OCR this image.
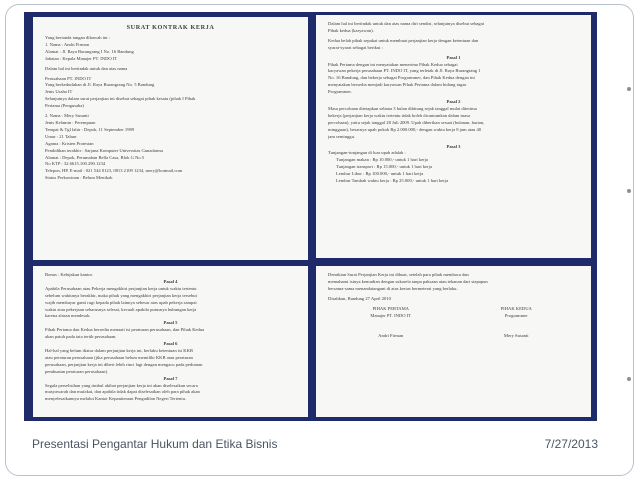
SURAT KONTRAK KERJA
Yang bertanda tangan dibawah ini :
1. Nama : Andri Firman
Alamat : Jl. Raya Burangrang I No. 16 Bandung
Jabatan : Kepala Manajer PT. INDO IT
Dalam hal ini bertindak untuk dan atas nama
Perusahaan PT. INDO IT
Yang berkedudukan di Jl. Raya Burangrang No. 5 Bandung
Jenis Usaha IT
Selanjutnya dalam surat perjanjian ini disebut sebagai pihak kesatu (pihak I Pihak
Pertama (Pengusaha)
2. Nama : Mery Susanti
Jenis Kelamin : Perempuan
Tempat & Tgl lahir : Depok, 11 September 1989
Umur : 21 Tahun
Agama : Kristen Protestan
Pendidikan terakhir : Sarjana Komputer Universitas Gunadarma
Alamat : Depok, Perumahan Bella Casa, Blok G No.5
No KTP : 32.6615.100.290.1234
Telepon, HP, E-mail : 021 544 0123, 0813 2109 1234, mery@hotmail.com
Status Perkawinan : Belum Menikah
Dalam hal ini bertindak untuk dan atas nama diri sendiri, selanjutnya disebut sebagai
Pihak kedua (karyawan).
Kedua belah pihak sepakat untuk membuat perjanjian kerja dengan ketentuan dan
syarat-syarat sebagai berikut :
Pasal 1
Pihak Pertama dengan ini menyatakan menerima Pihak Kedua sebagai
karyawan pekerja perusahaan PT. INDO IT, yang terletak di Jl. Raya Burangrang 1
No. 16 Bandung, dan bekerja sebagai Programmer, dan Pihak Kedua dengan ini
menyatakan bersedia menjadi karyawan Pihak Pertama dalam bidang tugas
Programmer.
Pasal 2
Masa percobaan ditetapkan selama 3 bulan dihitung sejak tanggal mulai diterima
bekerja (perjanjian kerja waktu tertentu tidak boleh dicantumkan dalam masa
percobaan), yaitu sejak tanggal 28 Juli 2009. Upah diberikan sesuai (bulanan, harian,
mingguan), besarnya upah pokok Rp 2.000.000,- dengan waktu kerja 8 jam atau 40
jam seminggu.
Pasal 3
Tunjangan-tunjangan di luar upah adalah :
Tunjangan makan : Rp 10.000,- untuk 1 hari kerja
Tunjangan transport : Rp 15.000,- untuk 1 hari kerja
Lembur Libur : Rp 100.000,- untuk 1 hari kerja
Lembur Tambah waktu kerja : Rp 25.000,- untuk 1 hari kerja
Bonus : Kebijakan kantor.
Pasal 4
Apabila Perusahaan atau Pekerja mengakhiri perjanjian kerja untuk waktu tertentu
sebelum waktunya berakhir, maka pihak yang mengakhiri perjanjian kerja tersebut
wajib membayar ganti rugi kepada pihak lainnya sebesar atas upah pekerja sampai
waktu atau pekerjaan seharusnya selesai, kecuali apabila putusnya hubungan kerja
karena alasan mendesak.
Pasal 5
Pihak Pertama dan Kedua bersedia menaati isi peraturan perusahaan, dan Pihak Kedua
akan patuh pada tata tertib perusahaan.
Pasal 6
Hal-hal yang belum diatur dalam perjanjian kerja ini, berlaku ketentuan isi KKB
atau peraturan perusahaan (jika perusahaan belum memiliki KKB atau peraturan
perusahaan, perjanjian kerja ini diberi lebih rinci lagi dengan mengacu pada pedoman
pembuatan peraturan perusahaan).
Pasal 7
Segala perselisihan yang timbul akibat perjanjian kerja ini akan diselesaikan secara
musyawarah dan mufakat, dan apabila tidak dapat diselesaikan oleh para pihak akan
menyelesaikannya melalui Kantor Kepaniteraan Pengadilan Negeri Tertentu.
Demikian Surat Perjanjian Kerja ini dibuat, setelah para pihak membaca dan
memahami isinya kemudian dengan sukarela tanpa paksaan atau tekanan dari siapapun
bersama-sama menandatangani di atas kertas bermeterai yang berlaku.
Disahkan, Bandung 27 April 2010
PIHAK PERTAMA
Manajer PT. INDO IT
Andri Firman
PIHAK KEDUA
Programmer
Mery Susanti
Presentasi Pengantar Hukum dan Etika Bisnis	7/27/2013
